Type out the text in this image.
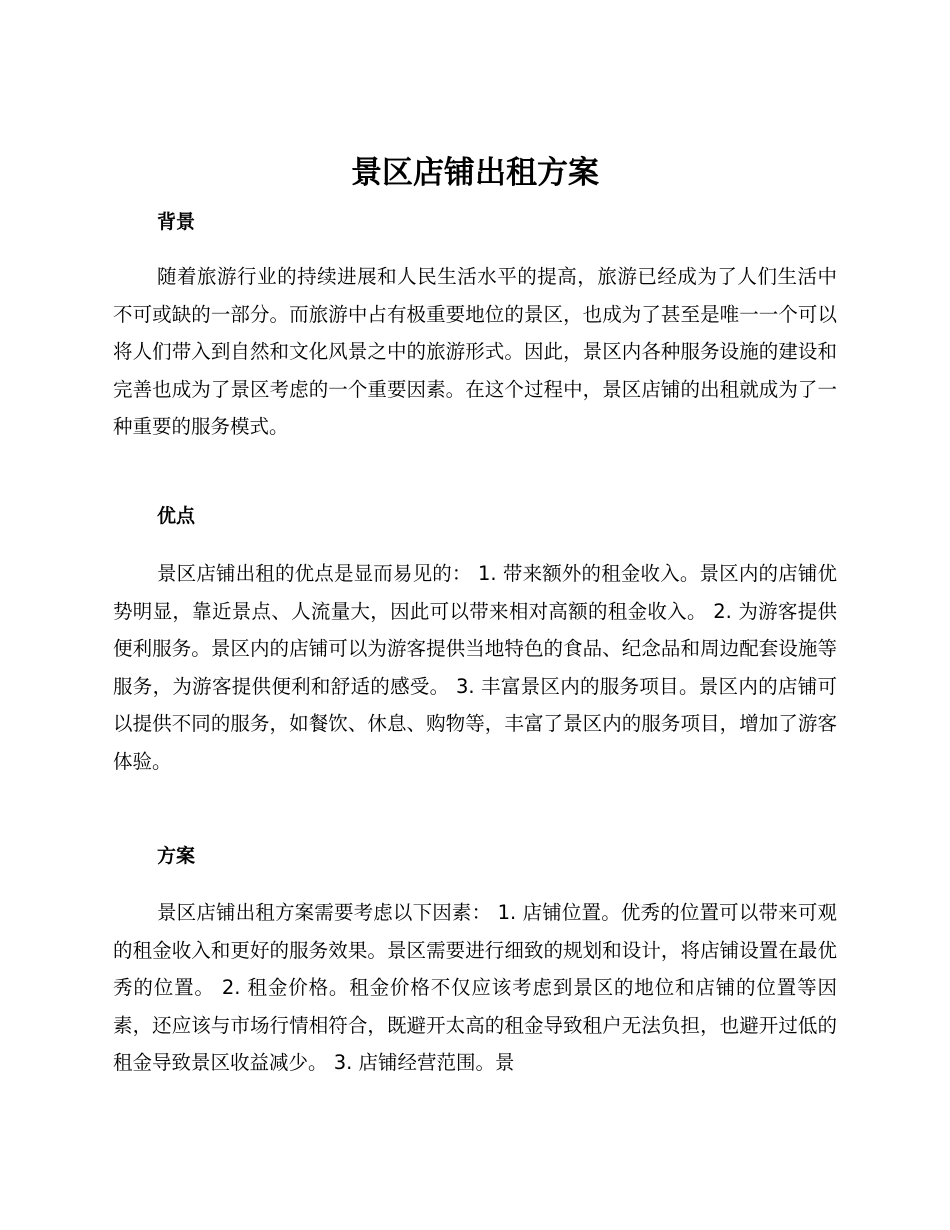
景区店铺出租方案
背景

随着旅游行业的持续进展和人民生活水平的提高，旅游已经成为了人们生活中不可或缺的一部分。而旅游中占有极重要地位的景区，也成为了甚至是唯一一个可以将人们带入到自然和文化风景之中的旅游形式。因此，景区内各种服务设施的建设和完善也成为了景区考虑的一个重要因素。在这个过程中，景区店铺的出租就成为了一种重要的服务模式。

优点

景区店铺出租的优点是显而易见的： 1. 带来额外的租金收入。景区内的店铺优势明显，靠近景点、人流量大，因此可以带来相对高额的租金收入。 2. 为游客提供便利服务。景区内的店铺可以为游客提供当地特色的食品、纪念品和周边配套设施等服务，为游客提供便利和舒适的感受。 3. 丰富景区内的服务项目。景区内的店铺可以提供不同的服务，如餐饮、休息、购物等，丰富了景区内的服务项目，增加了游客体验。

方案

景区店铺出租方案需要考虑以下因素： 1. 店铺位置。优秀的位置可以带来可观的租金收入和更好的服务效果。景区需要进行细致的规划和设计，将店铺设置在最优秀的位置。 2. 租金价格。租金价格不仅应该考虑到景区的地位和店铺的位置等因素，还应该与市场行情相符合，既避开太高的租金导致租户无法负担，也避开过低的租金导致景区收益减少。 3. 店铺经营范围。景
